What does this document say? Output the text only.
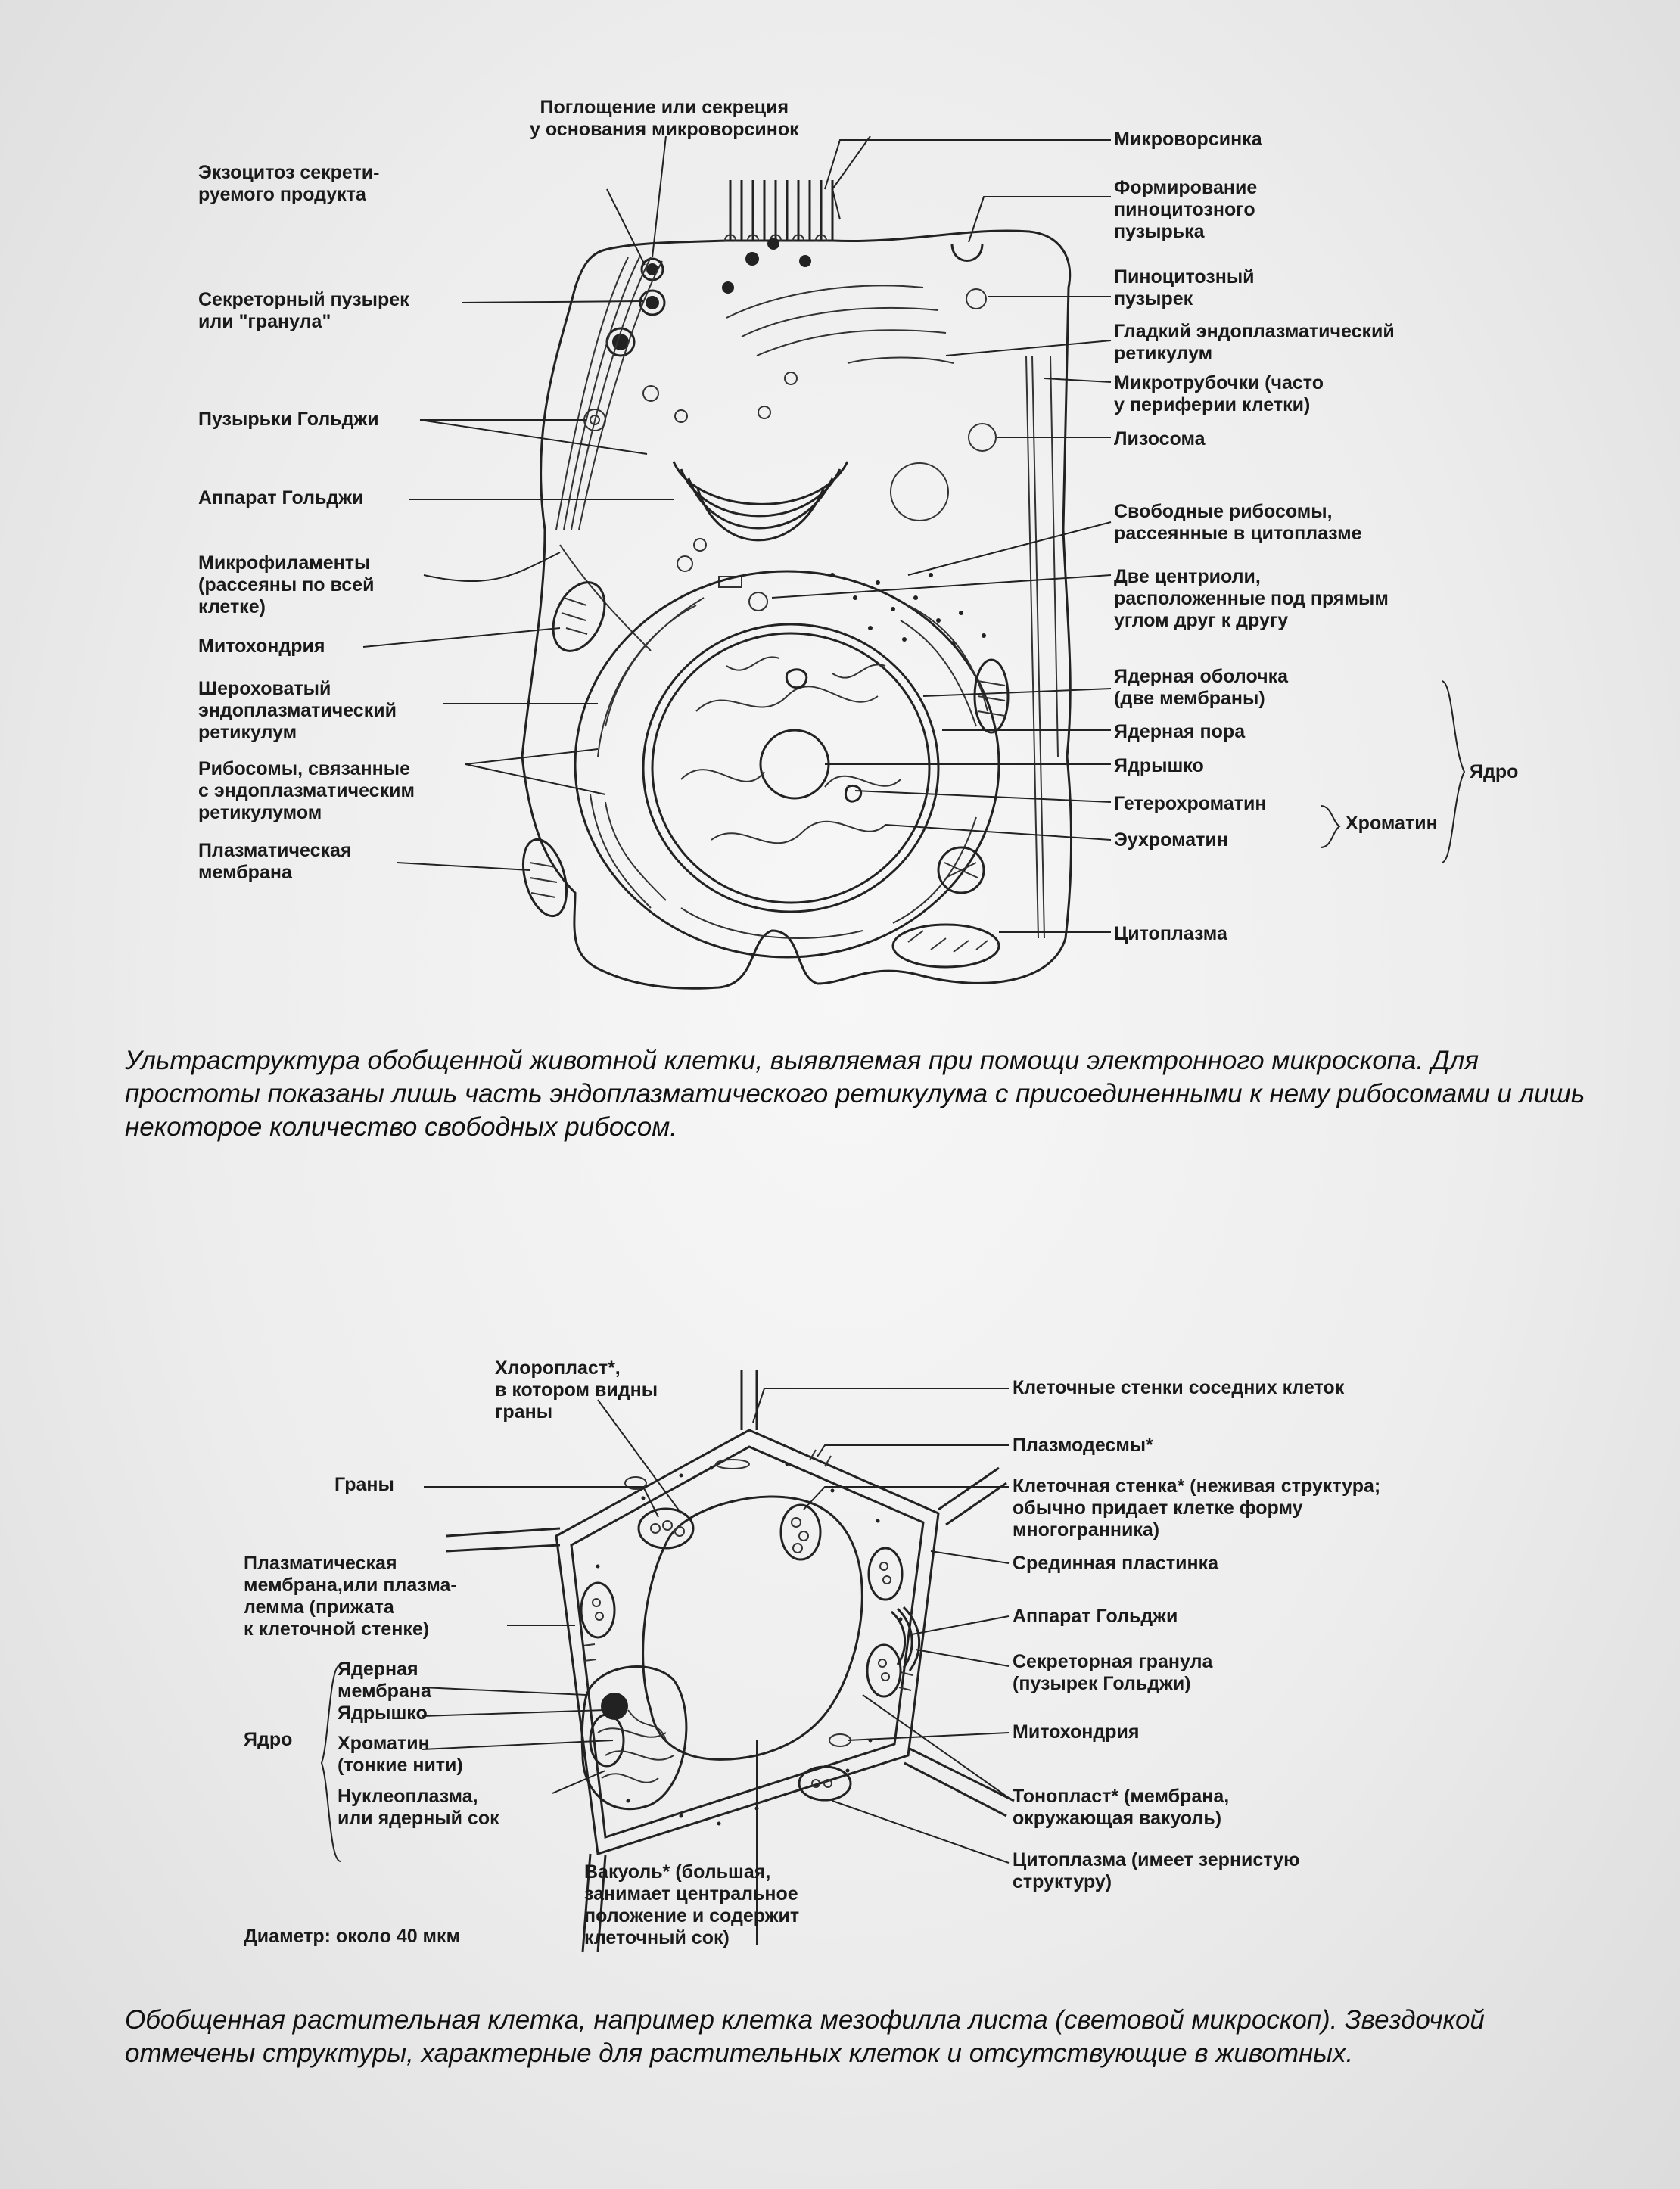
Поглощение или секреция
у основания микроворсинок
Экзоцитоз секрети-
руемого продукта
Секреторный пузырек
или "гранула"
Пузырьки Гольджи
Аппарат Гольджи
Микрофиламенты
(рассеяны по всей
клетке)
Митохондрия
Шероховатый
эндоплазматический
ретикулум
Рибосомы, связанные
с эндоплазматическим
ретикулумом
Плазматическая
мембрана
Микроворсинка
Формирование
пиноцитозного
пузырька
Пиноцитозный
пузырек
Гладкий эндоплазматический
ретикулум
Микротрубочки (часто
у периферии клетки)
Лизосома
Свободные рибосомы,
рассеянные в цитоплазме
Две центриоли,
расположенные под прямым
углом друг к другу
Ядерная оболочка
(две мембраны)
Ядерная пора
Ядрышко
Гетерохроматин
Эухроматин
Хроматин
Ядро
Цитоплазма
Ультраструктура обобщенной животной клетки, выявляемая при помощи электронного микроскопа. Для простоты показаны лишь часть эндоплазматического ретикулума с присоединенными к нему рибосомами и лишь некоторое количество свободных рибосом.
Хлоропласт*,
в котором видны
граны
Граны
Плазматическая
мембрана,или плазма-
лемма (прижата
к клеточной стенке)
Ядерная
мембрана
Ядрышко
Ядро Хроматин
(тонкие нити)
Нуклеоплазма,
или ядерный сок
Вакуоль* (большая,
занимает центральное
положение и содержит
клеточный сок)
Диаметр: около 40 мкм
Клеточные стенки соседних клеток
Плазмодесмы*
Клеточная стенка* (неживая структура;
обычно придает клетке форму
многогранника)
Срединная пластинка
Аппарат Гольджи
Секреторная гранула
(пузырек Гольджи)
Митохондрия
Тонопласт* (мембрана,
окружающая вакуоль)
Цитоплазма (имеет зернистую
структуру)
Обобщенная растительная клетка, например клетка мезофилла листа (световой микроскоп). Звездочкой отмечены структуры, характерные для растительных клеток и отсутствующие в животных.
